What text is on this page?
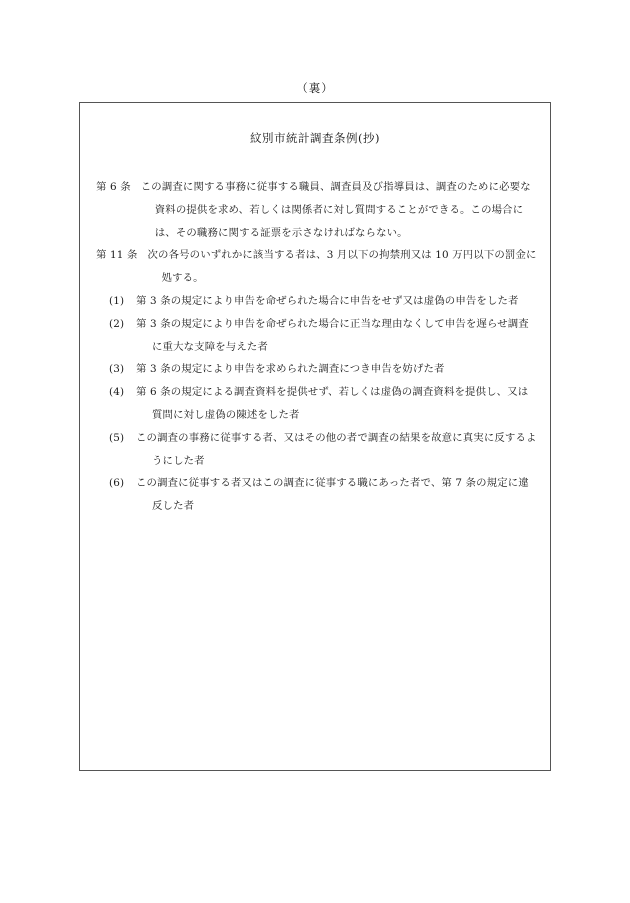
（裏）
紋別市統計調査条例(抄)
第 6 条 この調査に関する事務に従事する職員、調査員及び指導員は、調査のために必要な資料の提供を求め、若しくは関係者に対し質問することができる。この場合には、その職務に関する証票を示さなければならない。
第 11 条 次の各号のいずれかに該当する者は、3 月以下の拘禁刑又は 10 万円以下の罰金に処する。
(1)	第 3 条の規定により申告を命ぜられた場合に申告をせず又は虚偽の申告をした者
(2)	第 3 条の規定により申告を命ぜられた場合に正当な理由なくして申告を遅らせ調査に重大な支障を与えた者
(3)	第 3 条の規定により申告を求められた調査につき申告を妨げた者
(4)	第 6 条の規定による調査資料を提供せず、若しくは虚偽の調査資料を提供し、又は質問に対し虚偽の陳述をした者
(5)	この調査の事務に従事する者、又はその他の者で調査の結果を故意に真実に反するようにした者
(6)	この調査に従事する者又はこの調査に従事する職にあった者で、第 7 条の規定に違反した者
